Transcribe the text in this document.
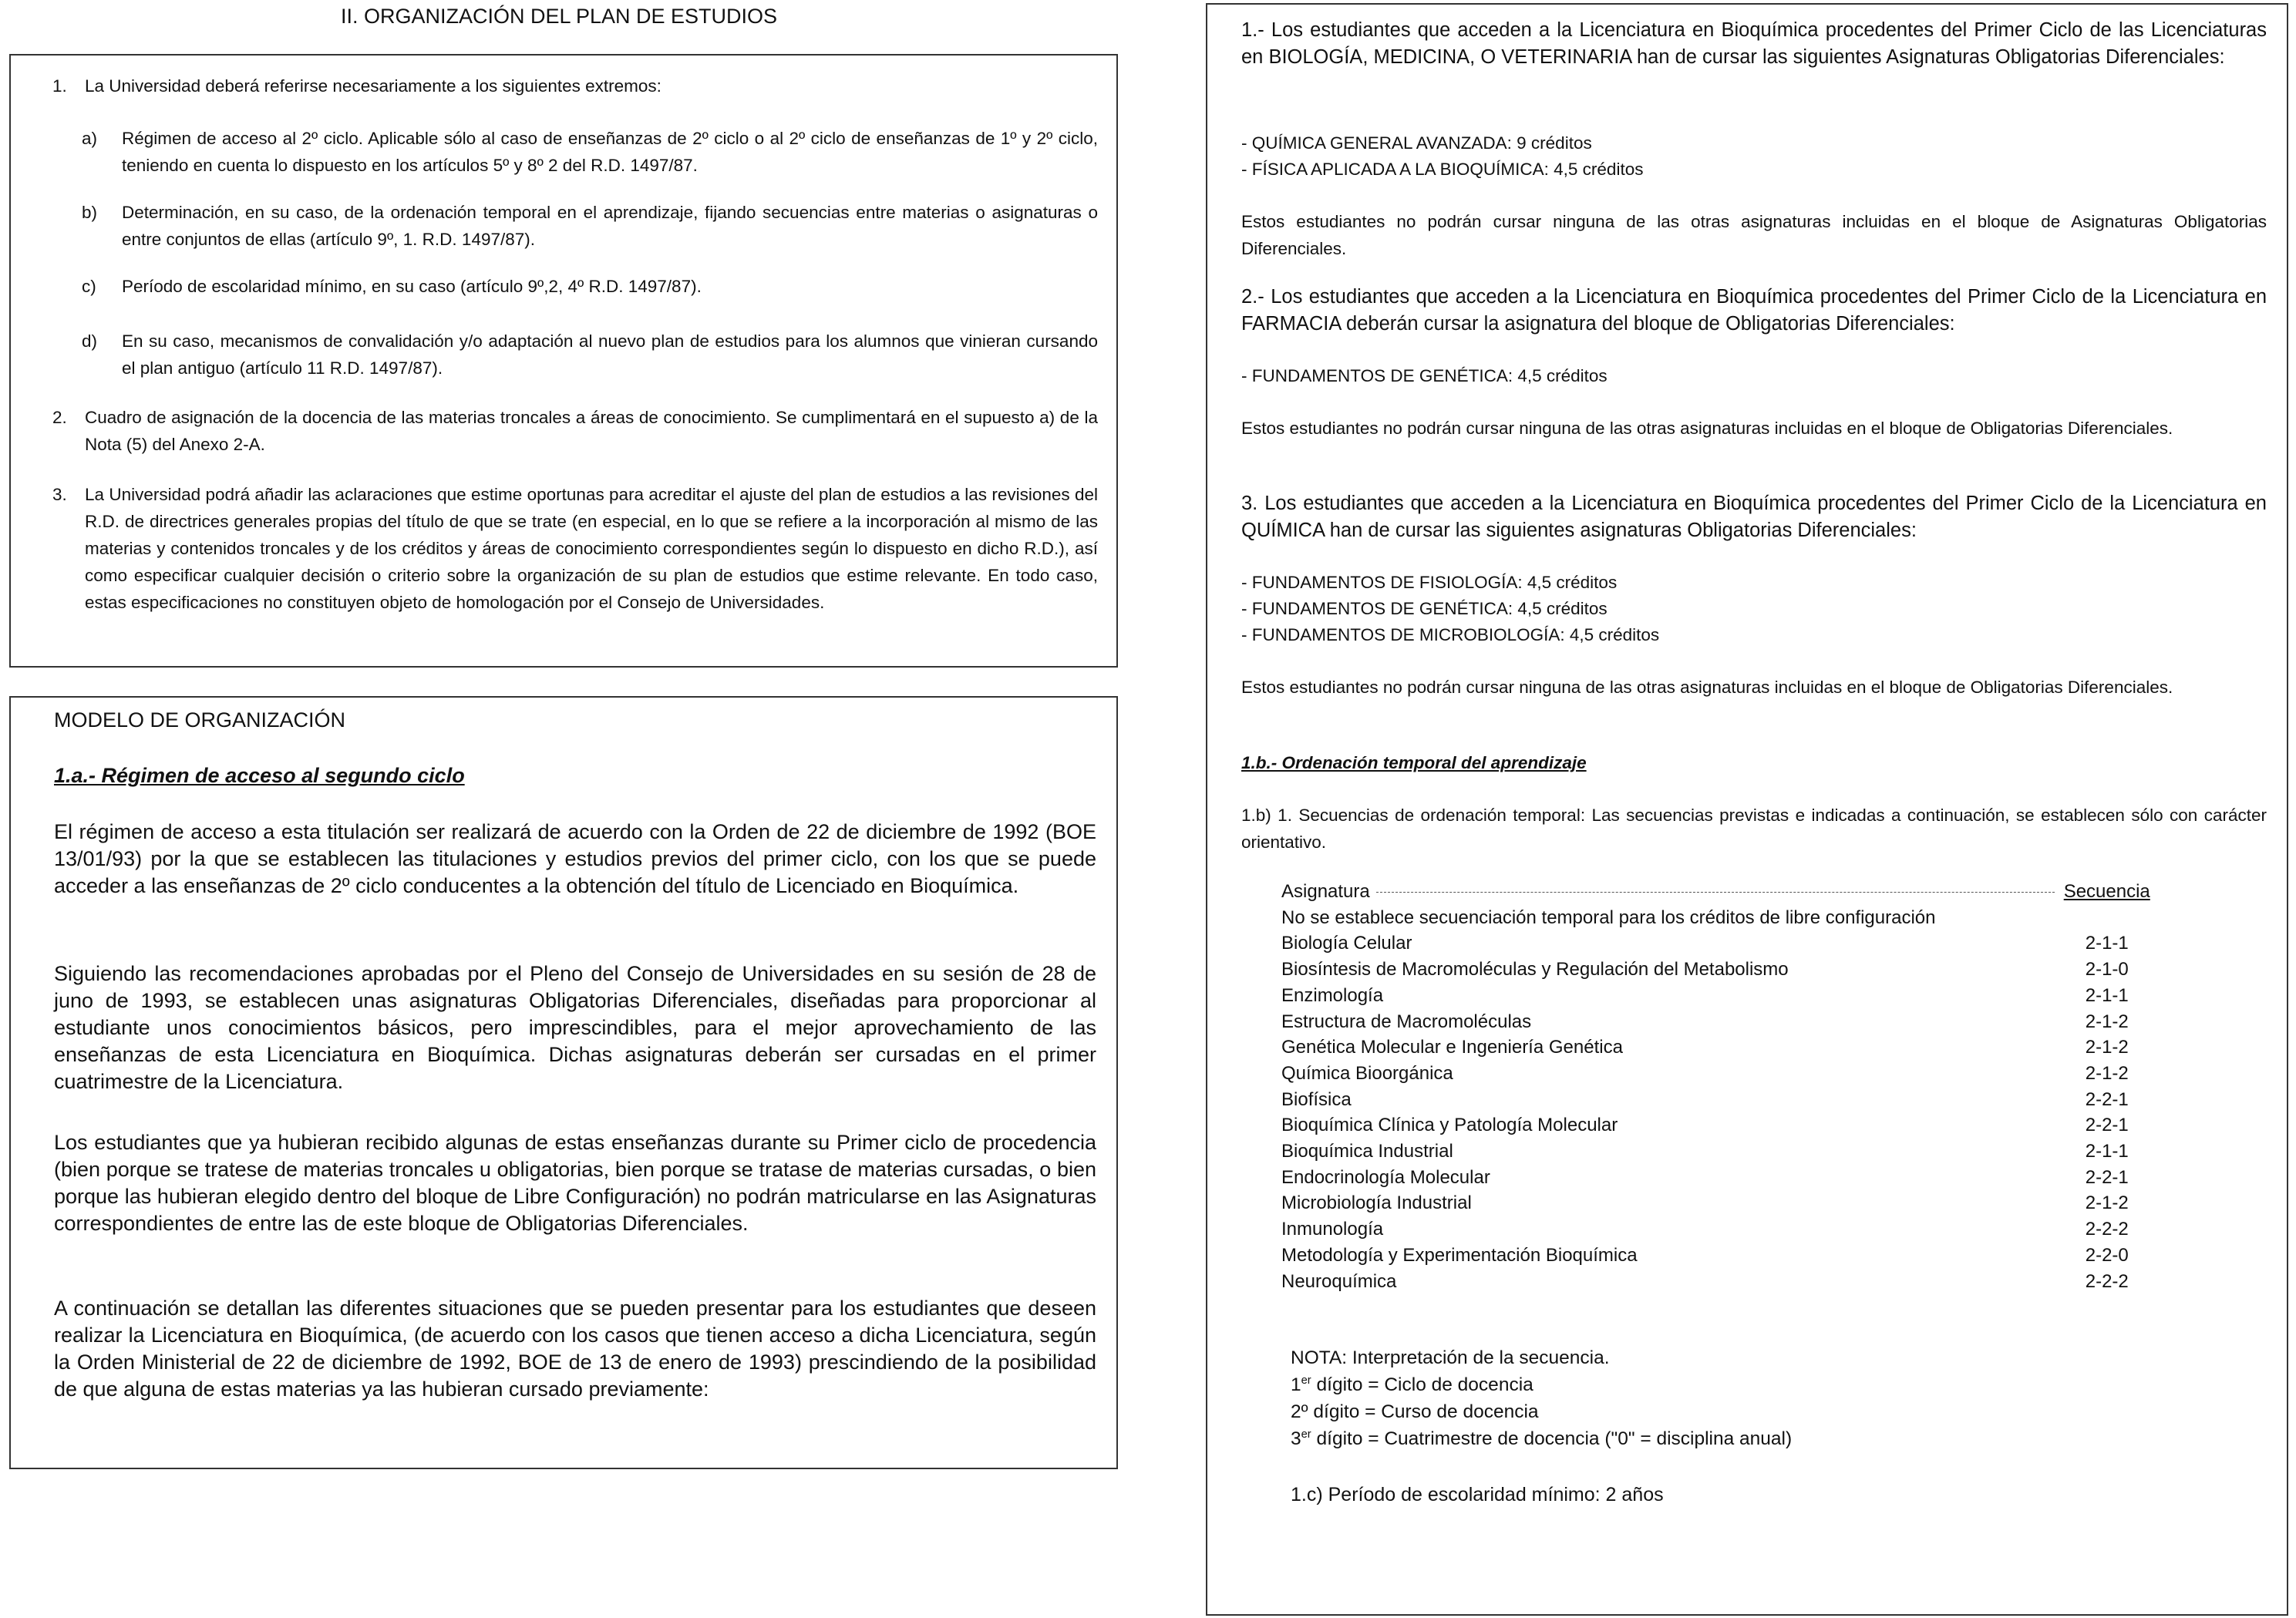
II. ORGANIZACIÓN DEL PLAN DE ESTUDIOS
1.	La Universidad deberá referirse necesariamente a los siguientes extremos:
a)	Régimen de acceso al 2º ciclo. Aplicable sólo al caso de enseñanzas de 2º ciclo o al 2º ciclo de enseñanzas de 1º y 2º ciclo, teniendo en cuenta lo dispuesto en los artículos 5º y 8º 2 del R.D. 1497/87.
b)	Determinación, en su caso, de la ordenación temporal en el aprendizaje, fijando secuencias entre materias o asignaturas o entre conjuntos de ellas (artículo 9º, 1. R.D. 1497/87).
c)	Período de escolaridad mínimo, en su caso (artículo 9º,2, 4º R.D. 1497/87).
d)	En su caso, mecanismos de convalidación y/o adaptación al nuevo plan de estudios para los alumnos que vinieran cursando el plan antiguo (artículo 11 R.D. 1497/87).
2.	Cuadro de asignación de la docencia de las materias troncales a áreas de conocimiento. Se cumplimentará en el supuesto a) de la Nota (5) del Anexo 2-A.
3.	La Universidad podrá añadir las aclaraciones que estime oportunas para acreditar el ajuste del plan de estudios a las revisiones del R.D. de directrices generales propias del título de que se trate (en especial, en lo que se refiere a la incorporación al mismo de las materias y contenidos troncales y de los créditos y áreas de conocimiento correspondientes según lo dispuesto en dicho R.D.), así como especificar cualquier decisión o criterio sobre la organización de su plan de estudios que estime relevante. En todo caso, estas especificaciones no constituyen objeto de homologación por el Consejo de Universidades.

MODELO DE ORGANIZACIÓN

1.a.- Régimen de acceso al segundo ciclo

El régimen de acceso a esta titulación ser realizará de acuerdo con la Orden de 22 de diciembre de 1992 (BOE 13/01/93) por la que se establecen las titulaciones y estudios previos del primer ciclo, con los que se puede acceder a las enseñanzas de 2º ciclo conducentes a la obtención del título de Licenciado en Bioquímica.

Siguiendo las recomendaciones aprobadas por el Pleno del Consejo de Universidades en su sesión de 28 de juno de 1993, se establecen unas asignaturas Obligatorias Diferenciales, diseñadas para proporcionar al estudiante unos conocimientos básicos, pero imprescindibles, para el mejor aprovechamiento de las enseñanzas de esta Licenciatura en Bioquímica. Dichas asignaturas deberán ser cursadas en el primer cuatrimestre de la Licenciatura.

Los estudiantes que ya hubieran recibido algunas de estas enseñanzas durante su Primer ciclo de procedencia (bien porque se tratese de materias troncales u obligatorias, bien porque se tratase de materias cursadas, o bien porque las hubieran elegido dentro del bloque de Libre Configuración) no podrán matricularse en las Asignaturas correspondientes de entre las de este bloque de Obligatorias Diferenciales.

A continuación se detallan las diferentes situaciones que se pueden presentar para los estudiantes que deseen realizar la Licenciatura en Bioquímica, (de acuerdo con los casos que tienen acceso a dicha Licenciatura, según la Orden Ministerial de 22 de diciembre de 1992, BOE de 13 de enero de 1993) prescindiendo de la posibilidad de que alguna de estas materias ya las hubieran cursado previamente:

1.- Los estudiantes que acceden a la Licenciatura en Bioquímica procedentes del Primer Ciclo de las Licenciaturas en BIOLOGÍA, MEDICINA, O VETERINARIA han de cursar las siguientes Asignaturas Obligatorias Diferenciales:

- QUÍMICA GENERAL AVANZADA: 9 créditos

- FÍSICA APLICADA A LA BIOQUÍMICA: 4,5 créditos

Estos estudiantes no podrán cursar ninguna de las otras asignaturas incluidas en el bloque de Asignaturas Obligatorias Diferenciales.

2.- Los estudiantes que acceden a la Licenciatura en Bioquímica procedentes del Primer Ciclo de la Licenciatura en FARMACIA deberán cursar la asignatura del bloque de Obligatorias Diferenciales:

- FUNDAMENTOS DE GENÉTICA: 4,5 créditos

Estos estudiantes no podrán cursar ninguna de las otras asignaturas incluidas en el bloque de Obligatorias Diferenciales.

3. Los estudiantes que acceden a la Licenciatura en Bioquímica procedentes del Primer Ciclo de la Licenciatura en QUÍMICA han de cursar las siguientes asignaturas Obligatorias Diferenciales:

- FUNDAMENTOS DE FISIOLOGÍA: 4,5 créditos

- FUNDAMENTOS DE GENÉTICA: 4,5 créditos

- FUNDAMENTOS DE MICROBIOLOGÍA: 4,5 créditos

Estos estudiantes no podrán cursar ninguna de las otras asignaturas incluidas en el bloque de Obligatorias Diferenciales.

1.b.- Ordenación temporal del aprendizaje

1.b) 1. Secuencias de ordenación temporal: Las secuencias previstas e indicadas a continuación, se establecen sólo con carácter orientativo.

Asignatura	Secuencia
No se establece secuenciación temporal para los créditos de libre configuración	
Biología Celular	2-1-1
Biosíntesis de Macromoléculas y Regulación del Metabolismo	2-1-0
Enzimología	2-1-1
Estructura de Macromoléculas	2-1-2
Genética Molecular e Ingeniería Genética	2-1-2
Química Bioorgánica	2-1-2
Biofísica	2-2-1
Bioquímica Clínica y Patología Molecular	2-2-1
Bioquímica Industrial	2-1-1
Endocrinología Molecular	2-2-1
Microbiología Industrial	2-1-2
Inmunología	2-2-2
Metodología y Experimentación Bioquímica	2-2-0
Neuroquímica	2-2-2

NOTA: Interpretación de la secuencia.

1er dígito = Ciclo de docencia

2º dígito = Curso de docencia

3er dígito = Cuatrimestre de docencia ("0" = disciplina anual)

1.c) Período de escolaridad mínimo: 2 años
